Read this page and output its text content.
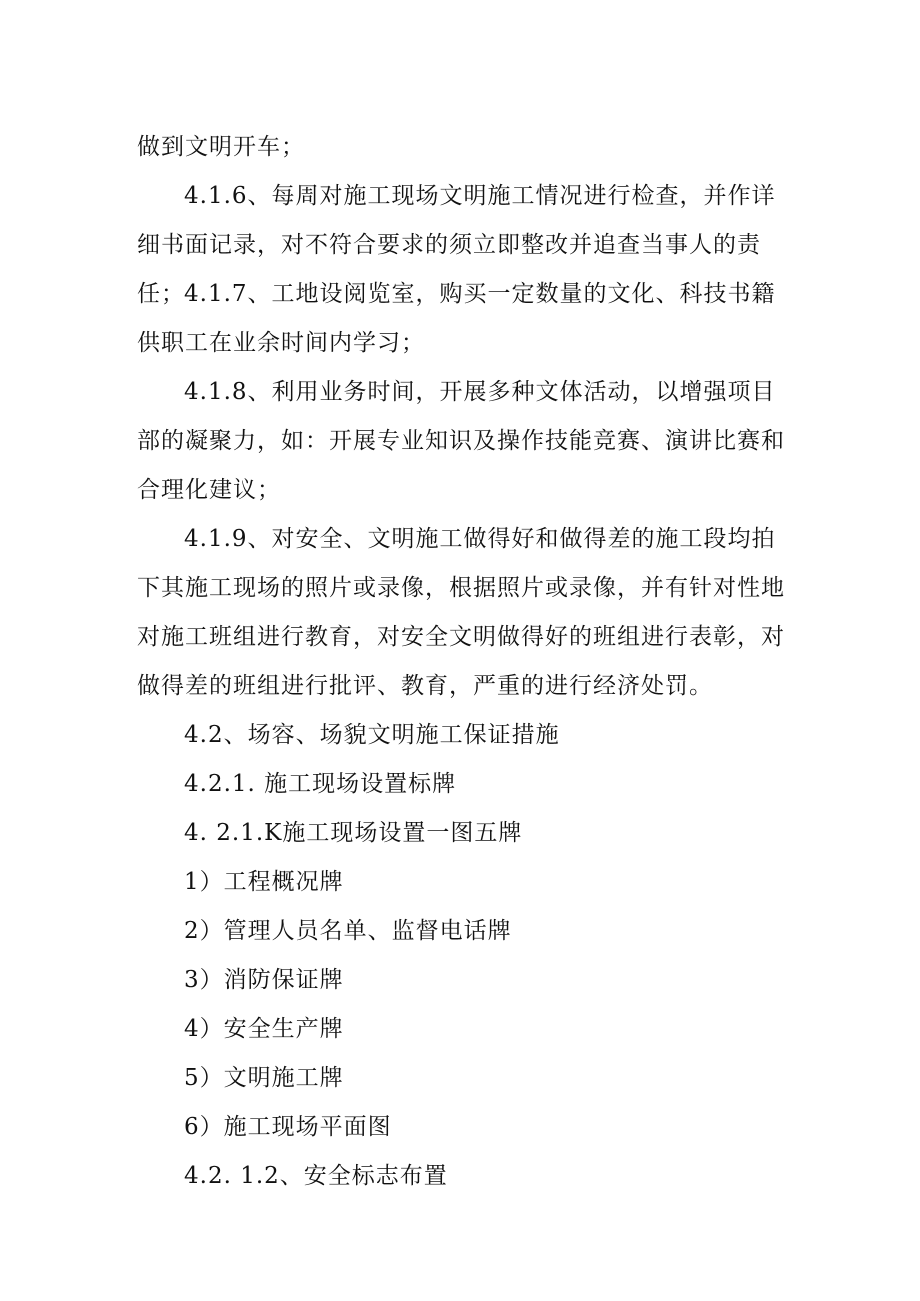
做到文明开车；

4.1.6、每周对施工现场文明施工情况进行检查，并作详细书面记录，对不符合要求的须立即整改并追查当事人的责任； 4.1.7、工地设阅览室，购买一定数量的文化、科技书籍供职工在业余时间内学习；

4.1.8、利用业务时间，开展多种文体活动，以增强项目部的凝聚力，如：开展专业知识及操作技能竞赛、演讲比赛和合理化建议；

4.1.9、对安全、文明施工做得好和做得差的施工段均拍下其施工现场的照片或录像，根据照片或录像，并有针对性地对施工班组进行教育，对安全文明做得好的班组进行表彰，对做得差的班组进行批评、教育，严重的进行经济处罚。

4.2、场容、场貌文明施工保证措施

4.2.1. 施工现场设置标牌

4. 2.1.K施工现场设置一图五牌

1）工程概况牌

2）管理人员名单、监督电话牌

3）消防保证牌

4）安全生产牌

5）文明施工牌

6）施工现场平面图

4.2. 1.2、安全标志布置
